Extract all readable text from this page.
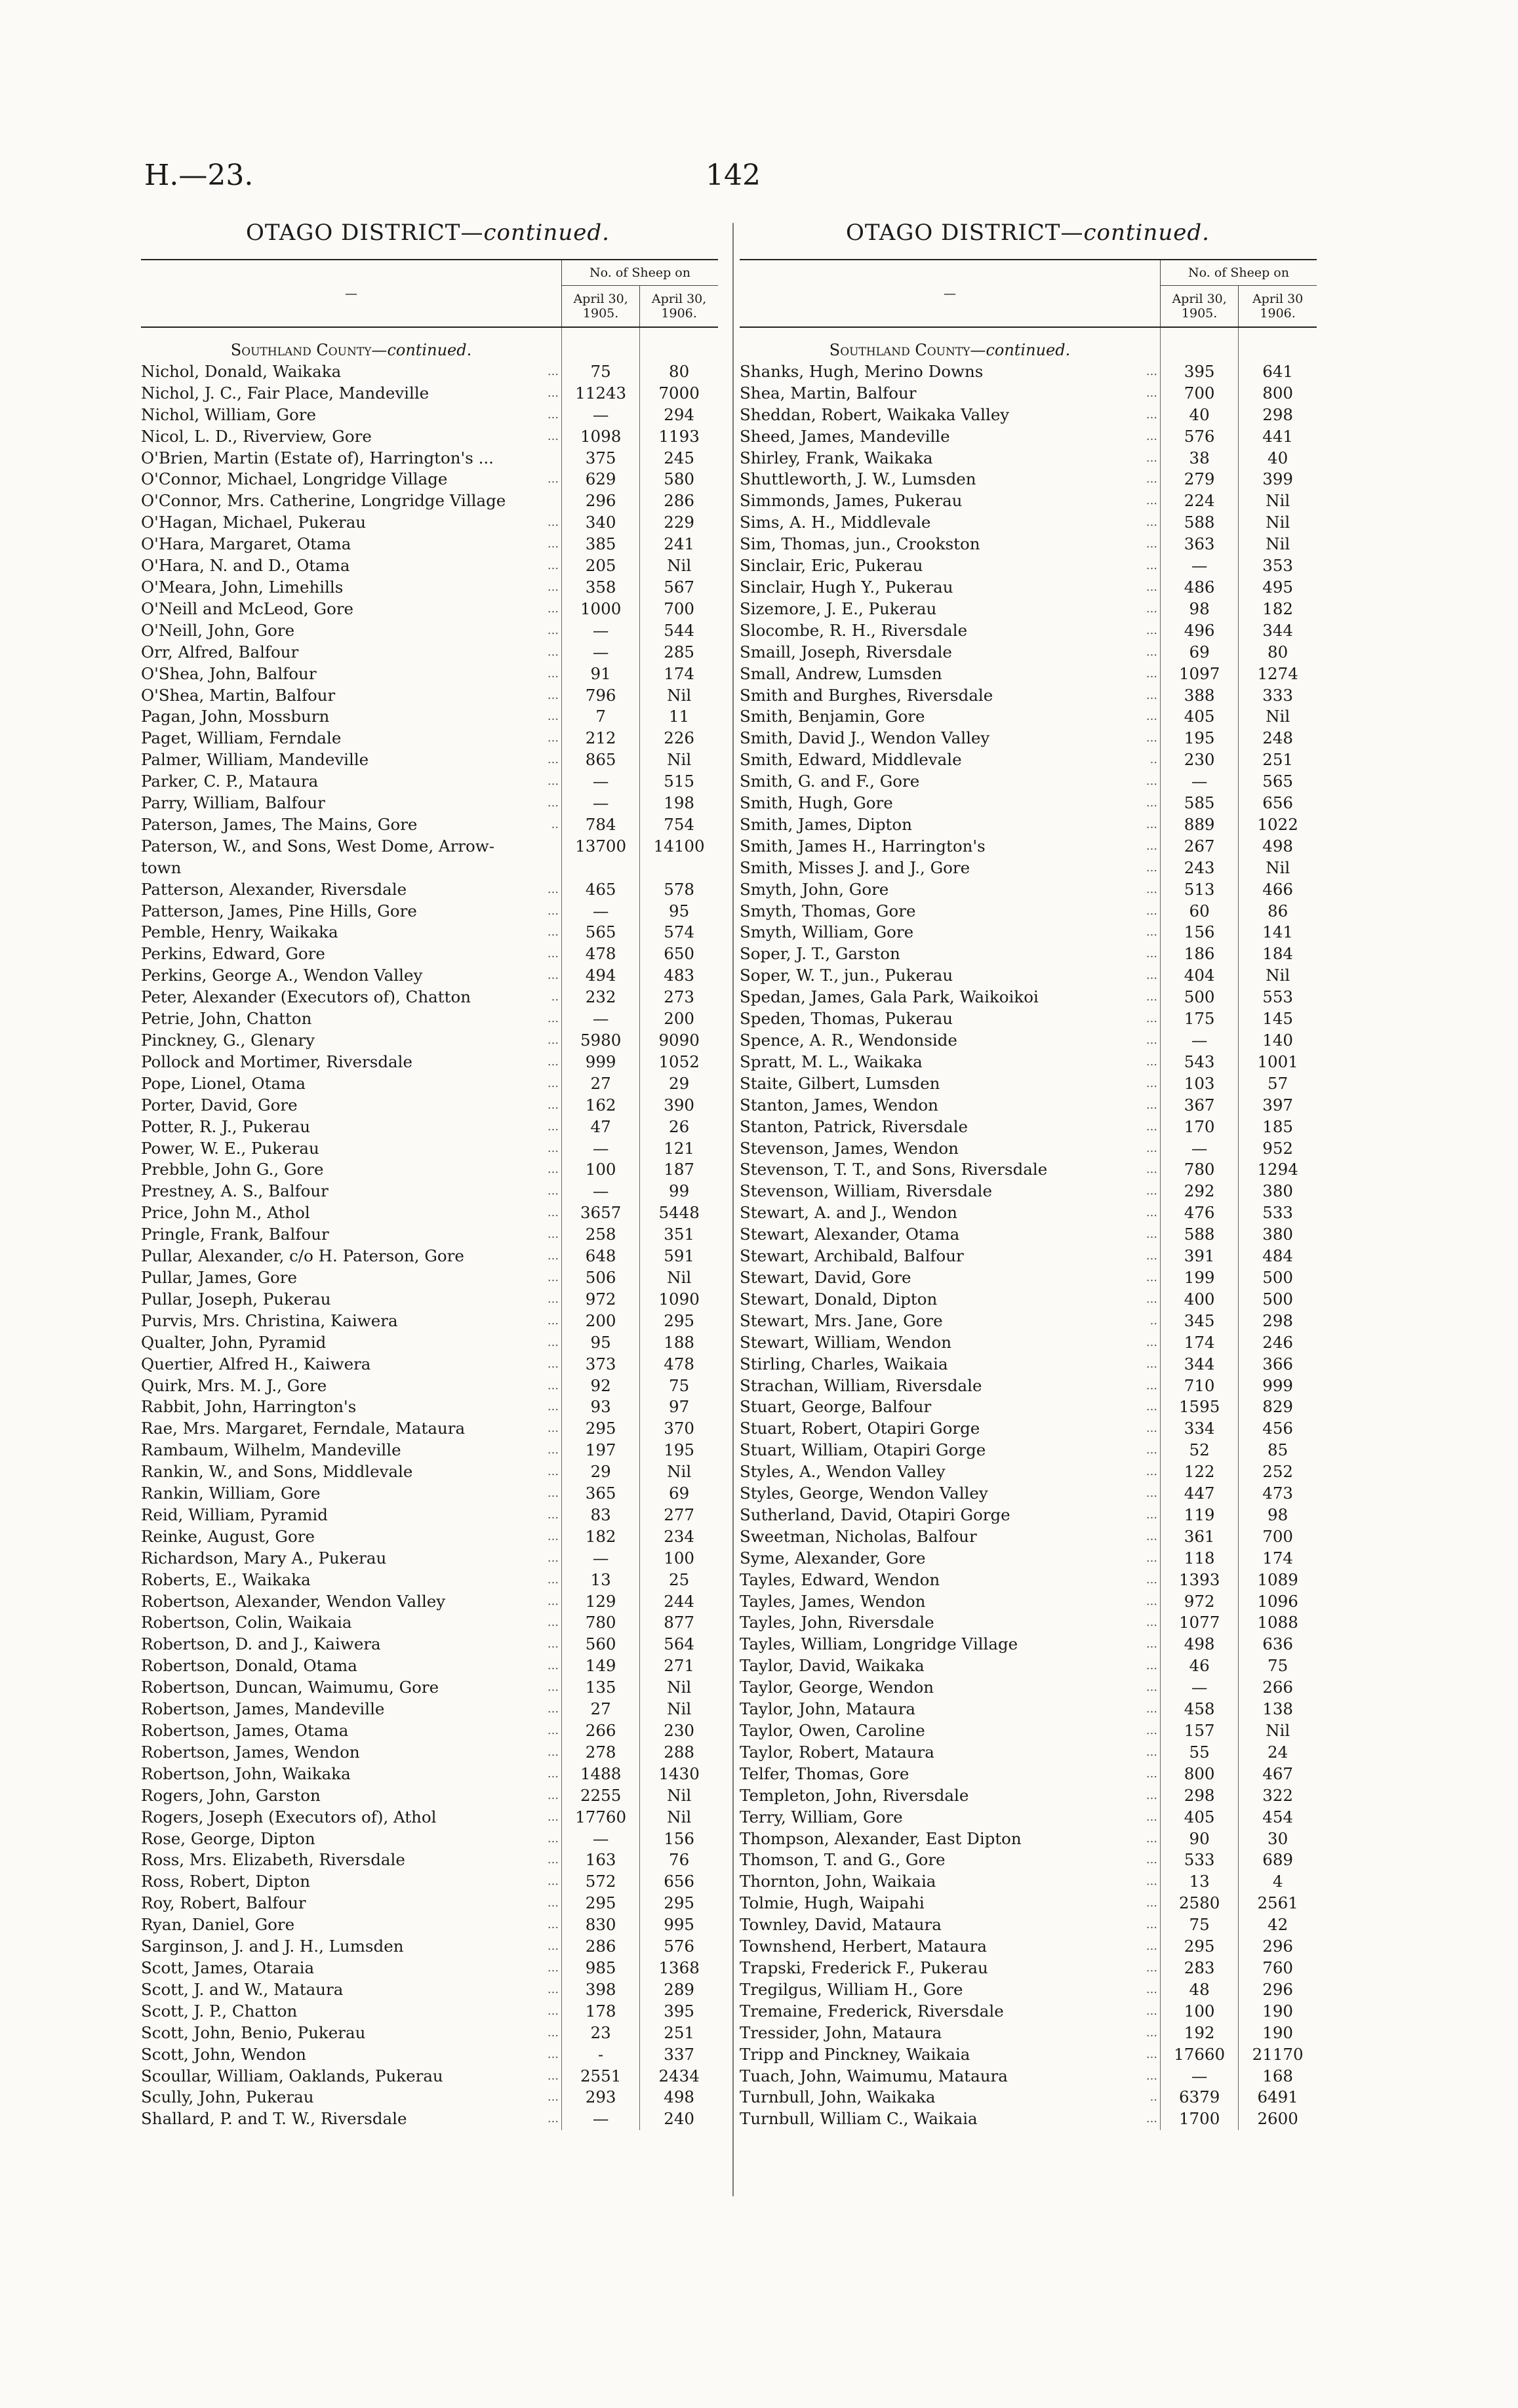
H.—23.	142
OTAGO DISTRICT—continued.	OTAGO DISTRICT—continued.
—		No. of Sheep on	
		April 30, 1905.	April 30, 1906.
Southland County—continued.			
Nichol, Donald, Waikaka	...	75	80
Nichol, J. C., Fair Place, Mandeville	...	11243	7000
Nichol, William, Gore	...	—	294
Nicol, L. D., Riverview, Gore	...	1098	1193
O'Brien, Martin (Estate of), Harrington's ...		375	245
O'Connor, Michael, Longridge Village	...	629	580
O'Connor, Mrs. Catherine, Longridge Village		296	286
O'Hagan, Michael, Pukerau	...	340	229
O'Hara, Margaret, Otama	...	385	241
O'Hara, N. and D., Otama	...	205	Nil
O'Meara, John, Limehills	...	358	567
O'Neill and McLeod, Gore	...	1000	700
O'Neill, John, Gore	...	—	544
Orr, Alfred, Balfour	...	—	285
O'Shea, John, Balfour	...	91	174
O'Shea, Martin, Balfour	...	796	Nil
Pagan, John, Mossburn	...	7	11
Paget, William, Ferndale	...	212	226
Palmer, William, Mandeville	...	865	Nil
Parker, C. P., Mataura	...	—	515
Parry, William, Balfour	...	—	198
Paterson, James, The Mains, Gore	..	784	754
Paterson, W., and Sons, West Dome, Arrow-		13700	14100
town			
Patterson, Alexander, Riversdale	...	465	578
Patterson, James, Pine Hills, Gore	...	—	95
Pemble, Henry, Waikaka	...	565	574
Perkins, Edward, Gore	...	478	650
Perkins, George A., Wendon Valley	...	494	483
Peter, Alexander (Executors of), Chatton	..	232	273
Petrie, John, Chatton	...	—	200
Pinckney, G., Glenary	...	5980	9090
Pollock and Mortimer, Riversdale	...	999	1052
Pope, Lionel, Otama	...	27	29
Porter, David, Gore	...	162	390
Potter, R. J., Pukerau	...	47	26
Power, W. E., Pukerau	...	—	121
Prebble, John G., Gore	...	100	187
Prestney, A. S., Balfour	...	—	99
Price, John M., Athol	...	3657	5448
Pringle, Frank, Balfour	...	258	351
Pullar, Alexander, c/o H. Paterson, Gore	...	648	591
Pullar, James, Gore	...	506	Nil
Pullar, Joseph, Pukerau	...	972	1090
Purvis, Mrs. Christina, Kaiwera	...	200	295
Qualter, John, Pyramid	...	95	188
Quertier, Alfred H., Kaiwera	...	373	478
Quirk, Mrs. M. J., Gore	...	92	75
Rabbit, John, Harrington's	...	93	97
Rae, Mrs. Margaret, Ferndale, Mataura	...	295	370
Rambaum, Wilhelm, Mandeville	...	197	195
Rankin, W., and Sons, Middlevale	...	29	Nil
Rankin, William, Gore	...	365	69
Reid, William, Pyramid	...	83	277
Reinke, August, Gore	...	182	234
Richardson, Mary A., Pukerau	...	—	100
Roberts, E., Waikaka	...	13	25
Robertson, Alexander, Wendon Valley	...	129	244
Robertson, Colin, Waikaia	...	780	877
Robertson, D. and J., Kaiwera	...	560	564
Robertson, Donald, Otama	...	149	271
Robertson, Duncan, Waimumu, Gore	...	135	Nil
Robertson, James, Mandeville	...	27	Nil
Robertson, James, Otama	...	266	230
Robertson, James, Wendon	...	278	288
Robertson, John, Waikaka	...	1488	1430
Rogers, John, Garston	...	2255	Nil
Rogers, Joseph (Executors of), Athol	...	17760	Nil
Rose, George, Dipton	...	—	156
Ross, Mrs. Elizabeth, Riversdale	...	163	76
Ross, Robert, Dipton	...	572	656
Roy, Robert, Balfour	...	295	295
Ryan, Daniel, Gore	...	830	995
Sarginson, J. and J. H., Lumsden	...	286	576
Scott, James, Otaraia	...	985	1368
Scott, J. and W., Mataura	...	398	289
Scott, J. P., Chatton	...	178	395
Scott, John, Benio, Pukerau	...	23	251
Scott, John, Wendon	...	-	337
Scoullar, William, Oaklands, Pukerau	...	2551	2434
Scully, John, Pukerau	...	293	498
Shallard, P. and T. W., Riversdale	...	—	240
—		No. of Sheep on	
		April 30, 1905.	April 30 1906.
Southland County—continued.			
Shanks, Hugh, Merino Downs	...	395	641
Shea, Martin, Balfour	...	700	800
Sheddan, Robert, Waikaka Valley	...	40	298
Sheed, James, Mandeville	...	576	441
Shirley, Frank, Waikaka	...	38	40
Shuttleworth, J. W., Lumsden	...	279	399
Simmonds, James, Pukerau	...	224	Nil
Sims, A. H., Middlevale	...	588	Nil
Sim, Thomas, jun., Crookston	...	363	Nil
Sinclair, Eric, Pukerau	...	—	353
Sinclair, Hugh Y., Pukerau	...	486	495
Sizemore, J. E., Pukerau	...	98	182
Slocombe, R. H., Riversdale	...	496	344
Smaill, Joseph, Riversdale	...	69	80
Small, Andrew, Lumsden	...	1097	1274
Smith and Burghes, Riversdale	...	388	333
Smith, Benjamin, Gore	...	405	Nil
Smith, David J., Wendon Valley	...	195	248
Smith, Edward, Middlevale	..	230	251
Smith, G. and F., Gore	...	—	565
Smith, Hugh, Gore	...	585	656
Smith, James, Dipton	...	889	1022
Smith, James H., Harrington's	...	267	498
Smith, Misses J. and J., Gore	...	243	Nil
Smyth, John, Gore	...	513	466
Smyth, Thomas, Gore	...	60	86
Smyth, William, Gore	...	156	141
Soper, J. T., Garston	...	186	184
Soper, W. T., jun., Pukerau	...	404	Nil
Spedan, James, Gala Park, Waikoikoi	...	500	553
Speden, Thomas, Pukerau	...	175	145
Spence, A. R., Wendonside	...	—	140
Spratt, M. L., Waikaka	...	543	1001
Staite, Gilbert, Lumsden	...	103	57
Stanton, James, Wendon	...	367	397
Stanton, Patrick, Riversdale	...	170	185
Stevenson, James, Wendon	...	—	952
Stevenson, T. T., and Sons, Riversdale	...	780	1294
Stevenson, William, Riversdale	...	292	380
Stewart, A. and J., Wendon	...	476	533
Stewart, Alexander, Otama	...	588	380
Stewart, Archibald, Balfour	...	391	484
Stewart, David, Gore	...	199	500
Stewart, Donald, Dipton	...	400	500
Stewart, Mrs. Jane, Gore	..	345	298
Stewart, William, Wendon	...	174	246
Stirling, Charles, Waikaia	...	344	366
Strachan, William, Riversdale	...	710	999
Stuart, George, Balfour	...	1595	829
Stuart, Robert, Otapiri Gorge	...	334	456
Stuart, William, Otapiri Gorge	...	52	85
Styles, A., Wendon Valley	...	122	252
Styles, George, Wendon Valley	...	447	473
Sutherland, David, Otapiri Gorge	...	119	98
Sweetman, Nicholas, Balfour	...	361	700
Syme, Alexander, Gore	...	118	174
Tayles, Edward, Wendon	...	1393	1089
Tayles, James, Wendon	...	972	1096
Tayles, John, Riversdale	...	1077	1088
Tayles, William, Longridge Village	...	498	636
Taylor, David, Waikaka	...	46	75
Taylor, George, Wendon	...	—	266
Taylor, John, Mataura	...	458	138
Taylor, Owen, Caroline	...	157	Nil
Taylor, Robert, Mataura	...	55	24
Telfer, Thomas, Gore	...	800	467
Templeton, John, Riversdale	...	298	322
Terry, William, Gore	...	405	454
Thompson, Alexander, East Dipton	...	90	30
Thomson, T. and G., Gore	...	533	689
Thornton, John, Waikaia	...	13	4
Tolmie, Hugh, Waipahi	...	2580	2561
Townley, David, Mataura	...	75	42
Townshend, Herbert, Mataura	...	295	296
Trapski, Frederick F., Pukerau	...	283	760
Tregilgus, William H., Gore	...	48	296
Tremaine, Frederick, Riversdale	...	100	190
Tressider, John, Mataura	...	192	190
Tripp and Pinckney, Waikaia	...	17660	21170
Tuach, John, Waimumu, Mataura	...	—	168
Turnbull, John, Waikaka	..	6379	6491
Turnbull, William C., Waikaia	...	1700	2600
